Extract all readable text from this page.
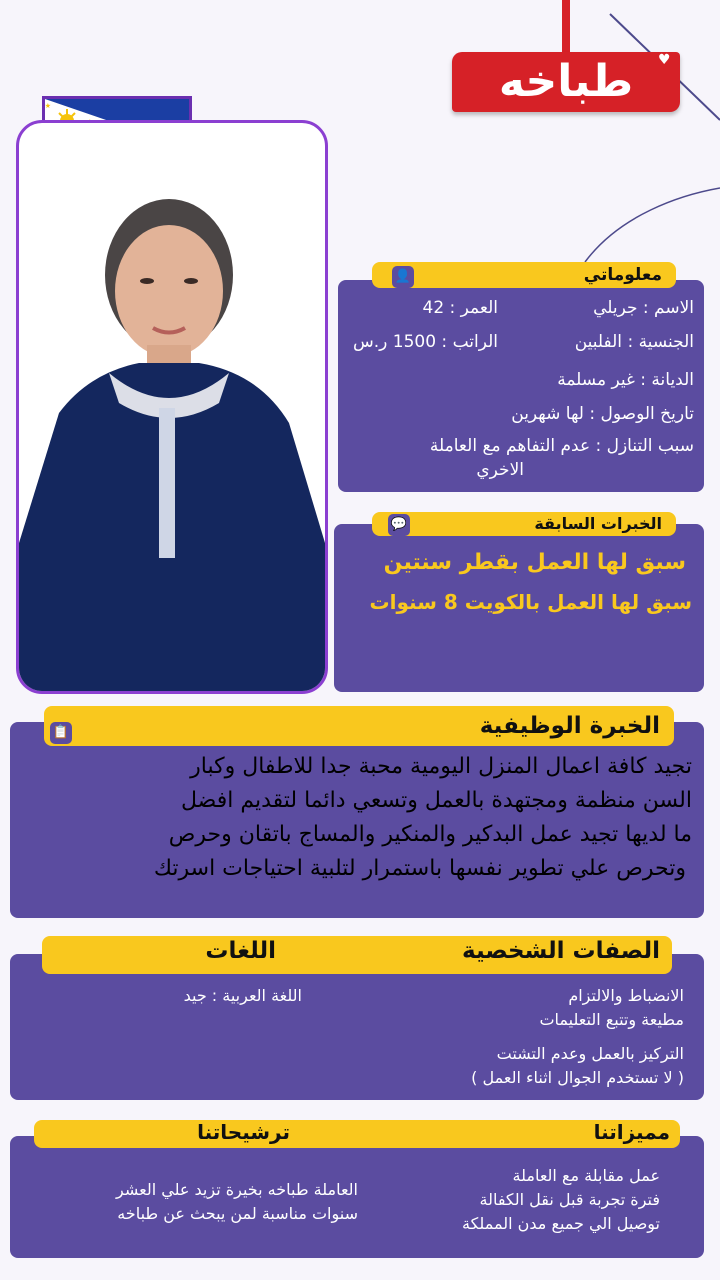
طباخه	♥
★
معلوماتي
👤
الاسم : جريلي
العمر : 42
الجنسية : الفلبين
الراتب : 1500 ر.س
الديانة : غير مسلمة
تاريخ الوصول : لها شهرين
سبب التنازل : عدم التفاهم مع العاملة
الاخري
الخبرات السابقة
💬
سبق لها العمل بقطر سنتين
سبق لها العمل بالكويت 8 سنوات
الخبرة الوظيفية
📋
تجيد كافة اعمال المنزل اليومية محبة جدا للاطفال وكبار
السن منظمة ومجتهدة بالعمل وتسعي دائما لتقديم افضل
ما لديها تجيد عمل البدكير والمنكير والمساج باتقان وحرص
وتحرص علي تطوير نفسها باستمرار لتلبية احتياجات اسرتك
الصفات الشخصية
اللغات
الانضباط والالتزام
مطيعة وتتبع التعليمات
التركيز بالعمل وعدم التشتت
( لا تستخدم الجوال اثناء العمل )
اللغة العربية : جيد
مميزاتنا
ترشيحاتنا
عمل مقابلة مع العاملة
فترة تجربة قبل نقل الكفالة
توصيل الي جميع مدن المملكة
العاملة طباخه بخيرة تزيد علي العشر
سنوات مناسبة لمن يبحث عن طباخه
